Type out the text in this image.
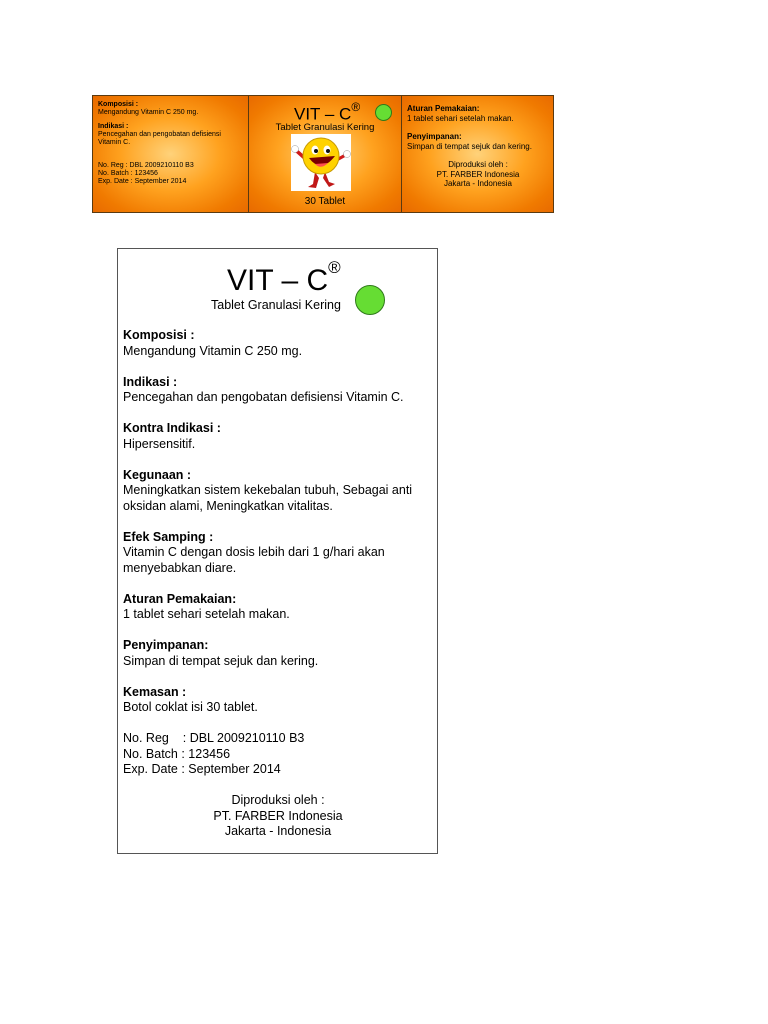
Komposisi :
Mengandung Vitamin C 250 mg.
Indikasi :
Pencegahan dan pengobatan defisiensi Vitamin C.
No. Reg : DBL 2009210110 B3
No. Batch : 123456
Exp. Date : September 2014
VIT – C®
Tablet Granulasi Kering
30 Tablet
Aturan Pemakaian:
1 tablet sehari setelah makan.
Penyimpanan:
Simpan di tempat sejuk dan kering.
Diproduksi oleh :
PT. FARBER Indonesia
Jakarta - Indonesia
VIT – C®
Tablet Granulasi Kering
Komposisi :
Mengandung Vitamin C 250 mg.
Indikasi :
Pencegahan dan pengobatan defisiensi Vitamin C.
Kontra Indikasi :
Hipersensitif.
Kegunaan :
Meningkatkan sistem kekebalan tubuh, Sebagai anti oksidan alami, Meningkatkan vitalitas.
Efek Samping :
Vitamin C dengan dosis lebih dari 1 g/hari akan menyebabkan diare.
Aturan Pemakaian:
1 tablet sehari setelah makan.
Penyimpanan:
Simpan di tempat sejuk dan kering.
Kemasan :
Botol coklat isi 30 tablet.
No. Reg    : DBL 2009210110 B3
No. Batch : 123456
Exp. Date : September 2014
Diproduksi oleh :
PT. FARBER Indonesia
Jakarta - Indonesia
